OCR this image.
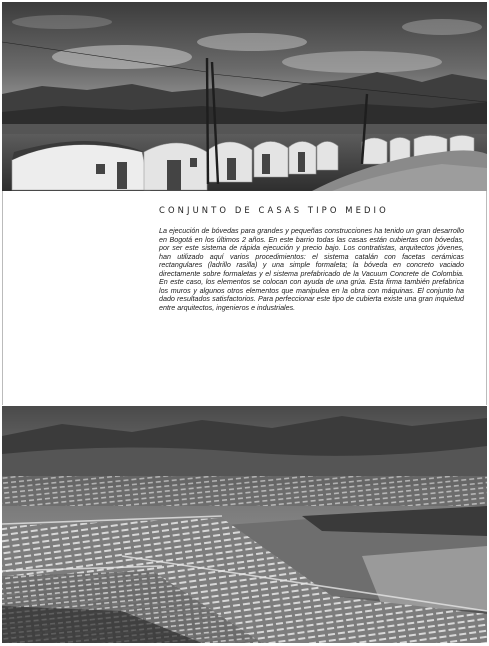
CONJUNTO DE CASAS TIPO MEDIO
La ejecución de bóvedas para grandes y pequeñas construcciones ha tenido un gran desarrollo en Bogotá en los últimos 2 años. En este barrio todas las casas están cubiertas con bóvedas, por ser este sistema de rápida ejecución y precio bajo. Los contratistas, arquitectos jóvenes, han utilizado aquí varios procedimientos: el sistema catalán con facetas cerámicas rectangulares (ladrillo rasilla) y una simple formaleta; la bóveda en concreto vaciado directamente sobre formaletas y el sistema prefabricado de la Vacuum Concrete de Colombia. En este caso, los elementos se colocan con ayuda de una grúa. Esta firma también prefabrica los muros y algunos otros elementos que manipulea en la obra con máquinas. El conjunto ha dado resultados satisfactorios. Para perfeccionar este tipo de cubierta existe una gran inquietud entre arquitectos, ingenieros e industriales.
